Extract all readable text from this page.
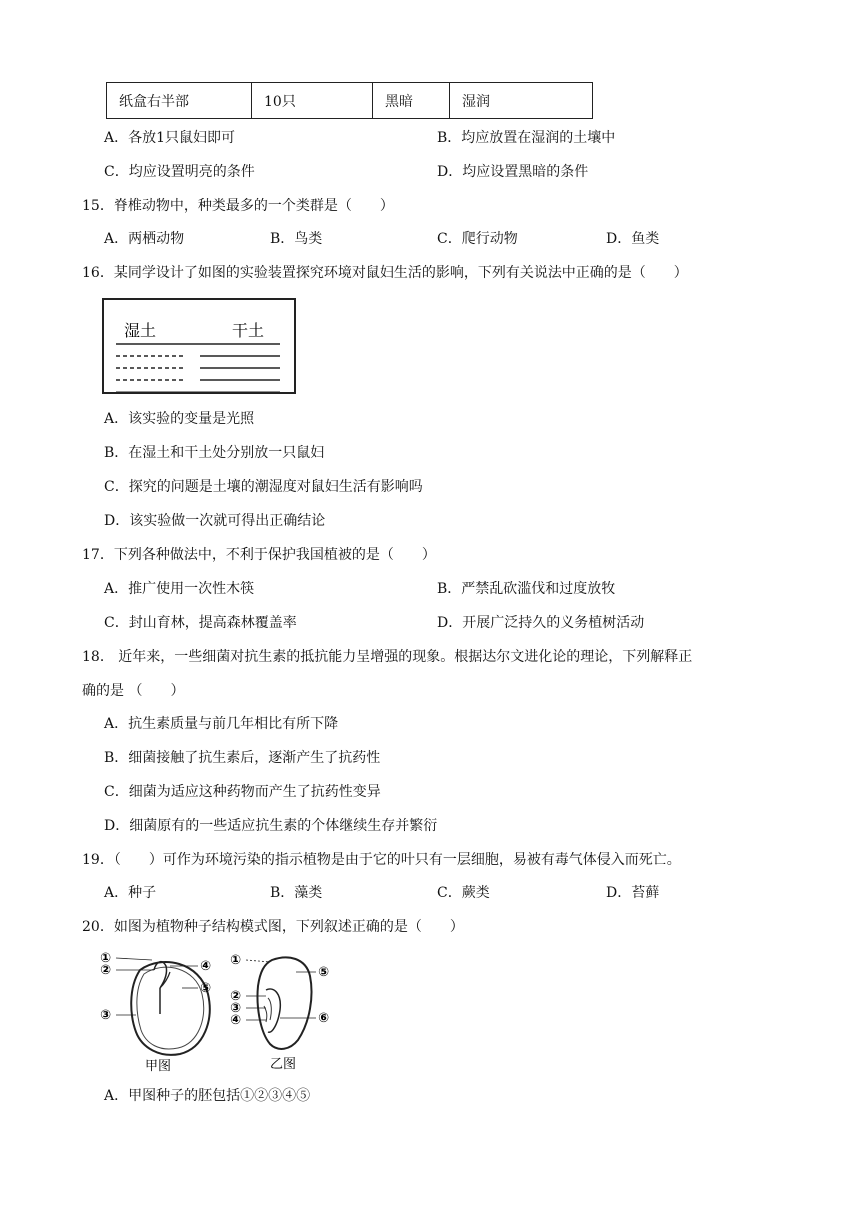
纸盒右半部	10只	黑暗	湿润
A．各放1只鼠妇即可	B．均应放置在湿润的土壤中
C．均应设置明亮的条件	D．均应设置黑暗的条件
15．脊椎动物中，种类最多的一个类群是（　　）
A．两栖动物	B．鸟类	C．爬行动物	D．鱼类
16．某同学设计了如图的实验装置探究环境对鼠妇生活的影响，下列有关说法中正确的是（　　）
湿土	干土
A．该实验的变量是光照
B．在湿土和干土处分别放一只鼠妇
C．探究的问题是土壤的潮湿度对鼠妇生活有影响吗
D．该实验做一次就可得出正确结论
17．下列各种做法中，不利于保护我国植被的是（　　）
A．推广使用一次性木筷	B．严禁乱砍滥伐和过度放牧
C．封山育林，提高森林覆盖率	D．开展广泛持久的义务植树活动
18． 近年来，一些细菌对抗生素的抵抗能力呈增强的现象。根据达尔文进化论的理论，下列解释正
确的是 （　　）
A．抗生素质量与前几年相比有所下降
B．细菌接触了抗生素后，逐渐产生了抗药性
C．细菌为适应这种药物而产生了抗药性变异
D．细菌原有的一些适应抗生素的个体继续生存并繁衍
19．（　　）可作为环境污染的指示植物是由于它的叶只有一层细胞，易被有毒气体侵入而死亡。
A．种子	B．藻类	C．蕨类	D．苔藓
20．如图为植物种子结构模式图，下列叙述正确的是（　　）
①
②
③
④
⑤
甲图
①
⑤
②
③
④	⑥
乙图
A．甲图种子的胚包括①②③④⑤
